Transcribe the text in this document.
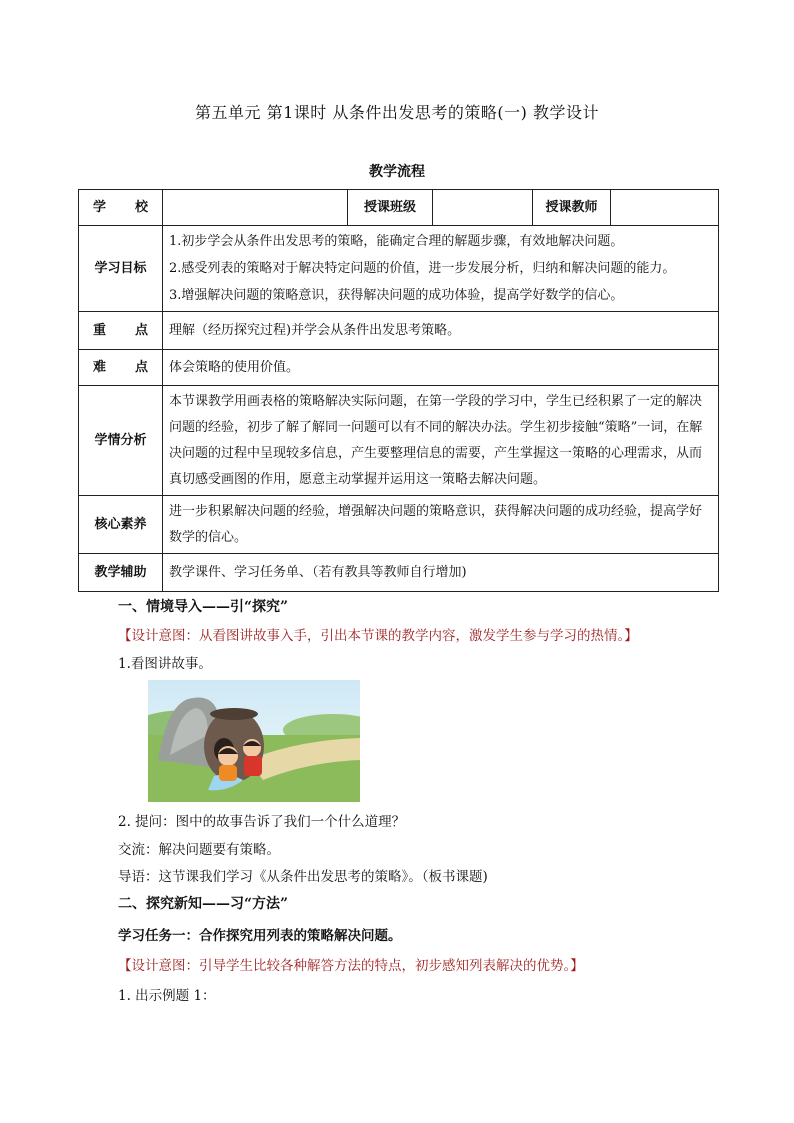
第五单元 第1课时 从条件出发思考的策略(一) 教学设计
教学流程
学　　校		授课班级		授课教师	
学习目标	1.初步学会从条件出发思考的策略，能确定合理的解题步骤，有效地解决问题。

2.感受列表的策略对于解决特定问题的价值，进一步发展分析，归纳和解决问题的能力。

3.增强解决问题的策略意识，获得解决问题的成功体验，提高学好数学的信心。				

重　　点	理解（经历探究过程)并学会从条件出发思考策略。				
难　　点	体会策略的使用价值。				
学情分析	本节课教学用画表格的策略解决实际问题，在第一学段的学习中，学生已经积累了一定的解决问题的经验，初步了解了解同一问题可以有不同的解决办法。学生初步接触“策略”一词，在解决问题的过程中呈现较多信息，产生要整理信息的需要，产生掌握这一策略的心理需求，从而真切感受画图的作用，愿意主动掌握并运用这一策略去解决问题。				
核心素养	进一步积累解决问题的经验，增强解决问题的策略意识，获得解决问题的成功经验，提高学好数学的信心。				
教学辅助	教学课件、学习任务单、（若有教具等教师自行增加)				
一、情境导入——引“探究”
【设计意图：从看图讲故事入手，引出本节课的教学内容，激发学生参与学习的热情。】
1.看图讲故事。
2. 提问：图中的故事告诉了我们一个什么道理？
交流：解决问题要有策略。
导语：这节课我们学习《从条件出发思考的策略》。（板书课题)
二、探究新知——习“方法”
学习任务一：合作探究用列表的策略解决问题。
【设计意图：引导学生比较各种解答方法的特点，初步感知列表解决的优势。】
1. 出示例题 1：
